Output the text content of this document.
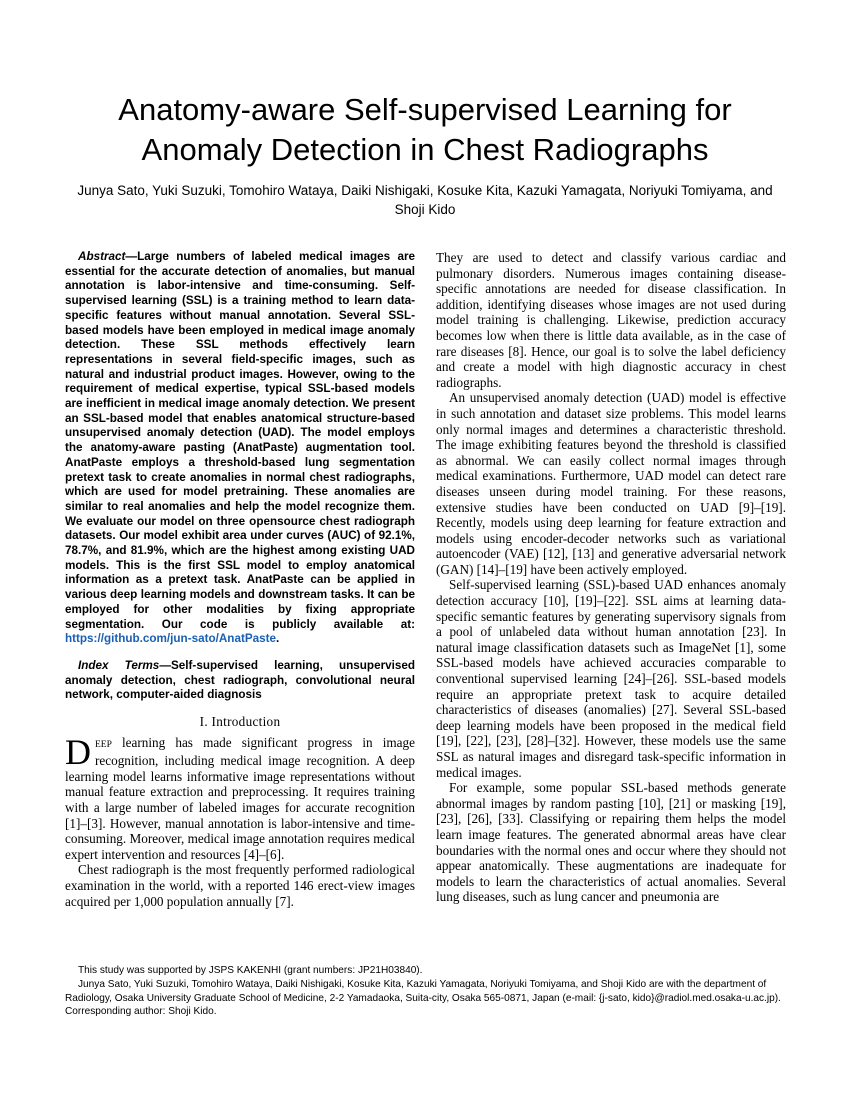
Anatomy-aware Self-supervised Learning for
Anomaly Detection in Chest Radiographs
Junya Sato, Yuki Suzuki, Tomohiro Wataya, Daiki Nishigaki, Kosuke Kita, Kazuki Yamagata, Noriyuki Tomiyama, and Shoji Kido

Abstract—Large numbers of labeled medical images are essential for the accurate detection of anomalies, but manual annotation is labor-intensive and time-consuming. Self-supervised learning (SSL) is a training method to learn data-specific features without manual annotation. Several SSL-based models have been employed in medical image anomaly detection. These SSL methods effectively learn representations in several field-specific images, such as natural and industrial product images. However, owing to the requirement of medical expertise, typical SSL-based models are inefficient in medical image anomaly detection. We present an SSL-based model that enables anatomical structure-based unsupervised anomaly detection (UAD). The model employs the anatomy-aware pasting (AnatPaste) augmentation tool. AnatPaste employs a threshold-based lung segmentation pretext task to create anomalies in normal chest radiographs, which are used for model pretraining. These anomalies are similar to real anomalies and help the model recognize them. We evaluate our model on three opensource chest radiograph datasets. Our model exhibit area under curves (AUC) of 92.1%, 78.7%, and 81.9%, which are the highest among existing UAD models. This is the first SSL model to employ anatomical information as a pretext task. AnatPaste can be applied in various deep learning models and downstream tasks. It can be employed for other modalities by fixing appropriate segmentation. Our code is publicly available at: https://github.com/jun-sato/AnatPaste.

Index Terms—Self-supervised learning, unsupervised anomaly detection, chest radiograph, convolutional neural network, computer-aided diagnosis

I. Introduction

DEEP learning has made significant progress in image recognition, including medical image recognition. A deep learning model learns informative image representations without manual feature extraction and preprocessing. It requires training with a large number of labeled images for accurate recognition [1]–[3]. However, manual annotation is labor-intensive and time-consuming. Moreover, medical image annotation requires medical expert intervention and resources [4]–[6].

Chest radiograph is the most frequently performed radiological examination in the world, with a reported 146 erect-view images acquired per 1,000 population annually [7].

They are used to detect and classify various cardiac and pulmonary disorders. Numerous images containing disease-specific annotations are needed for disease classification. In addition, identifying diseases whose images are not used during model training is challenging. Likewise, prediction accuracy becomes low when there is little data available, as in the case of rare diseases [8]. Hence, our goal is to solve the label deficiency and create a model with high diagnostic accuracy in chest radiographs.

An unsupervised anomaly detection (UAD) model is effective in such annotation and dataset size problems. This model learns only normal images and determines a characteristic threshold. The image exhibiting features beyond the threshold is classified as abnormal. We can easily collect normal images through medical examinations. Furthermore, UAD model can detect rare diseases unseen during model training. For these reasons, extensive studies have been conducted on UAD [9]–[19]. Recently, models using deep learning for feature extraction and models using encoder-decoder networks such as variational autoencoder (VAE) [12], [13] and generative adversarial network (GAN) [14]–[19] have been actively employed.

Self-supervised learning (SSL)-based UAD enhances anomaly detection accuracy [10], [19]–[22]. SSL aims at learning data-specific semantic features by generating supervisory signals from a pool of unlabeled data without human annotation [23]. In natural image classification datasets such as ImageNet [1], some SSL-based models have achieved accuracies comparable to conventional supervised learning [24]–[26]. SSL-based models require an appropriate pretext task to acquire detailed characteristics of diseases (anomalies) [27]. Several SSL-based deep learning models have been proposed in the medical field [19], [22], [23], [28]–[32]. However, these models use the same SSL as natural images and disregard task-specific information in medical images.

For example, some popular SSL-based methods generate abnormal images by random pasting [10], [21] or masking [19], [23], [26], [33]. Classifying or repairing them helps the model learn image features. The generated abnormal areas have clear boundaries with the normal ones and occur where they should not appear anatomically. These augmentations are inadequate for models to learn the characteristics of actual anomalies. Several lung diseases, such as lung cancer and pneumonia are

This study was supported by JSPS KAKENHI (grant numbers: JP21H03840).

Junya Sato, Yuki Suzuki, Tomohiro Wataya, Daiki Nishigaki, Kosuke Kita, Kazuki Yamagata, Noriyuki Tomiyama, and Shoji Kido are with the department of Radiology, Osaka University Graduate School of Medicine, 2-2 Yamadaoka, Suita-city, Osaka 565-0871, Japan (e-mail: {j-sato, kido}@radiol.med.osaka-u.ac.jp). Corresponding author: Shoji Kido.
